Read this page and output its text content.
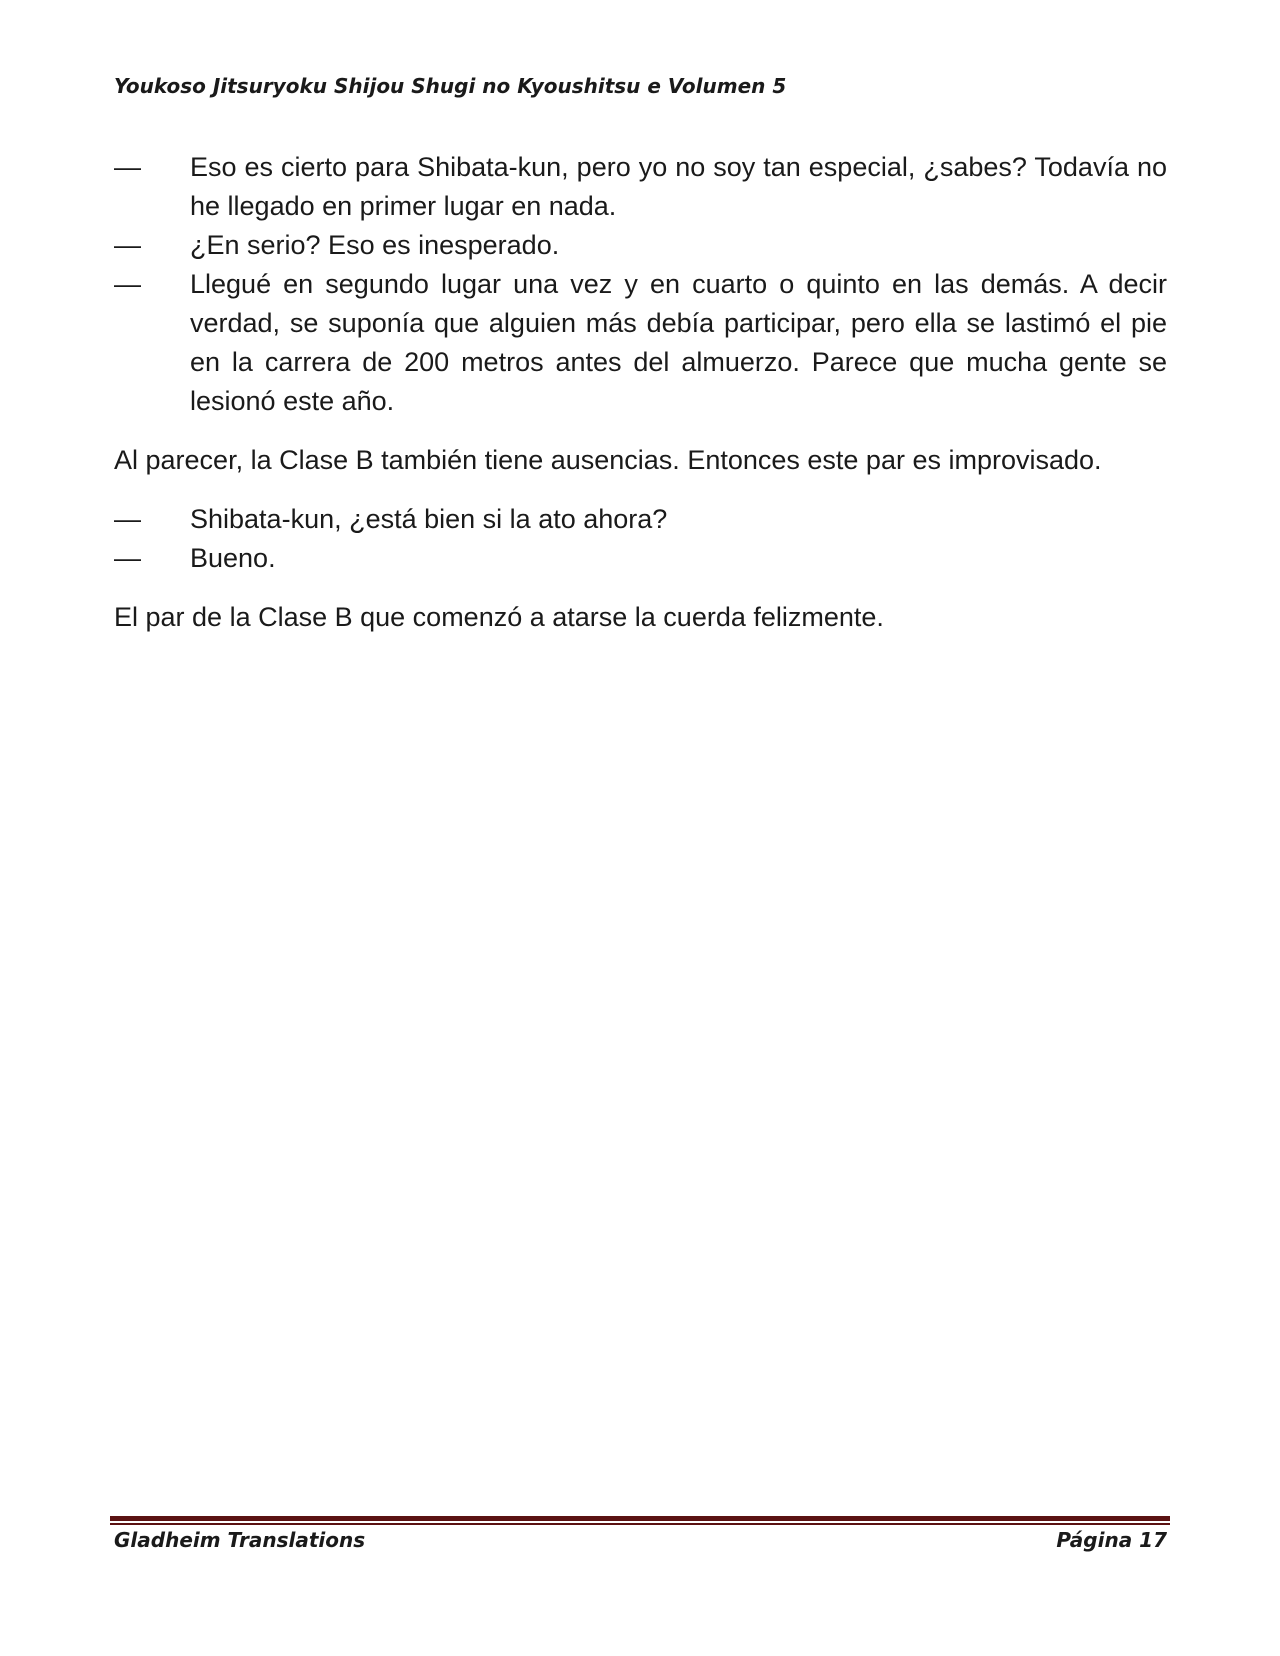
Youkoso Jitsuryoku Shijou Shugi no Kyoushitsu e Volumen 5
—	Eso es cierto para Shibata-kun, pero yo no soy tan especial, ¿sabes? Todavía no he llegado en primer lugar en nada.
—	¿En serio? Eso es inesperado.
—	Llegué en segundo lugar una vez y en cuarto o quinto en las demás. A decir verdad, se suponía que alguien más debía participar, pero ella se lastimó el pie en la carrera de 200 metros antes del almuerzo. Parece que mucha gente se lesionó este año.

Al parecer, la Clase B también tiene ausencias. Entonces este par es improvisado.

—	Shibata-kun, ¿está bien si la ato ahora?
—	Bueno.

El par de la Clase B que comenzó a atarse la cuerda felizmente.

Gladheim Translations	Página 17
